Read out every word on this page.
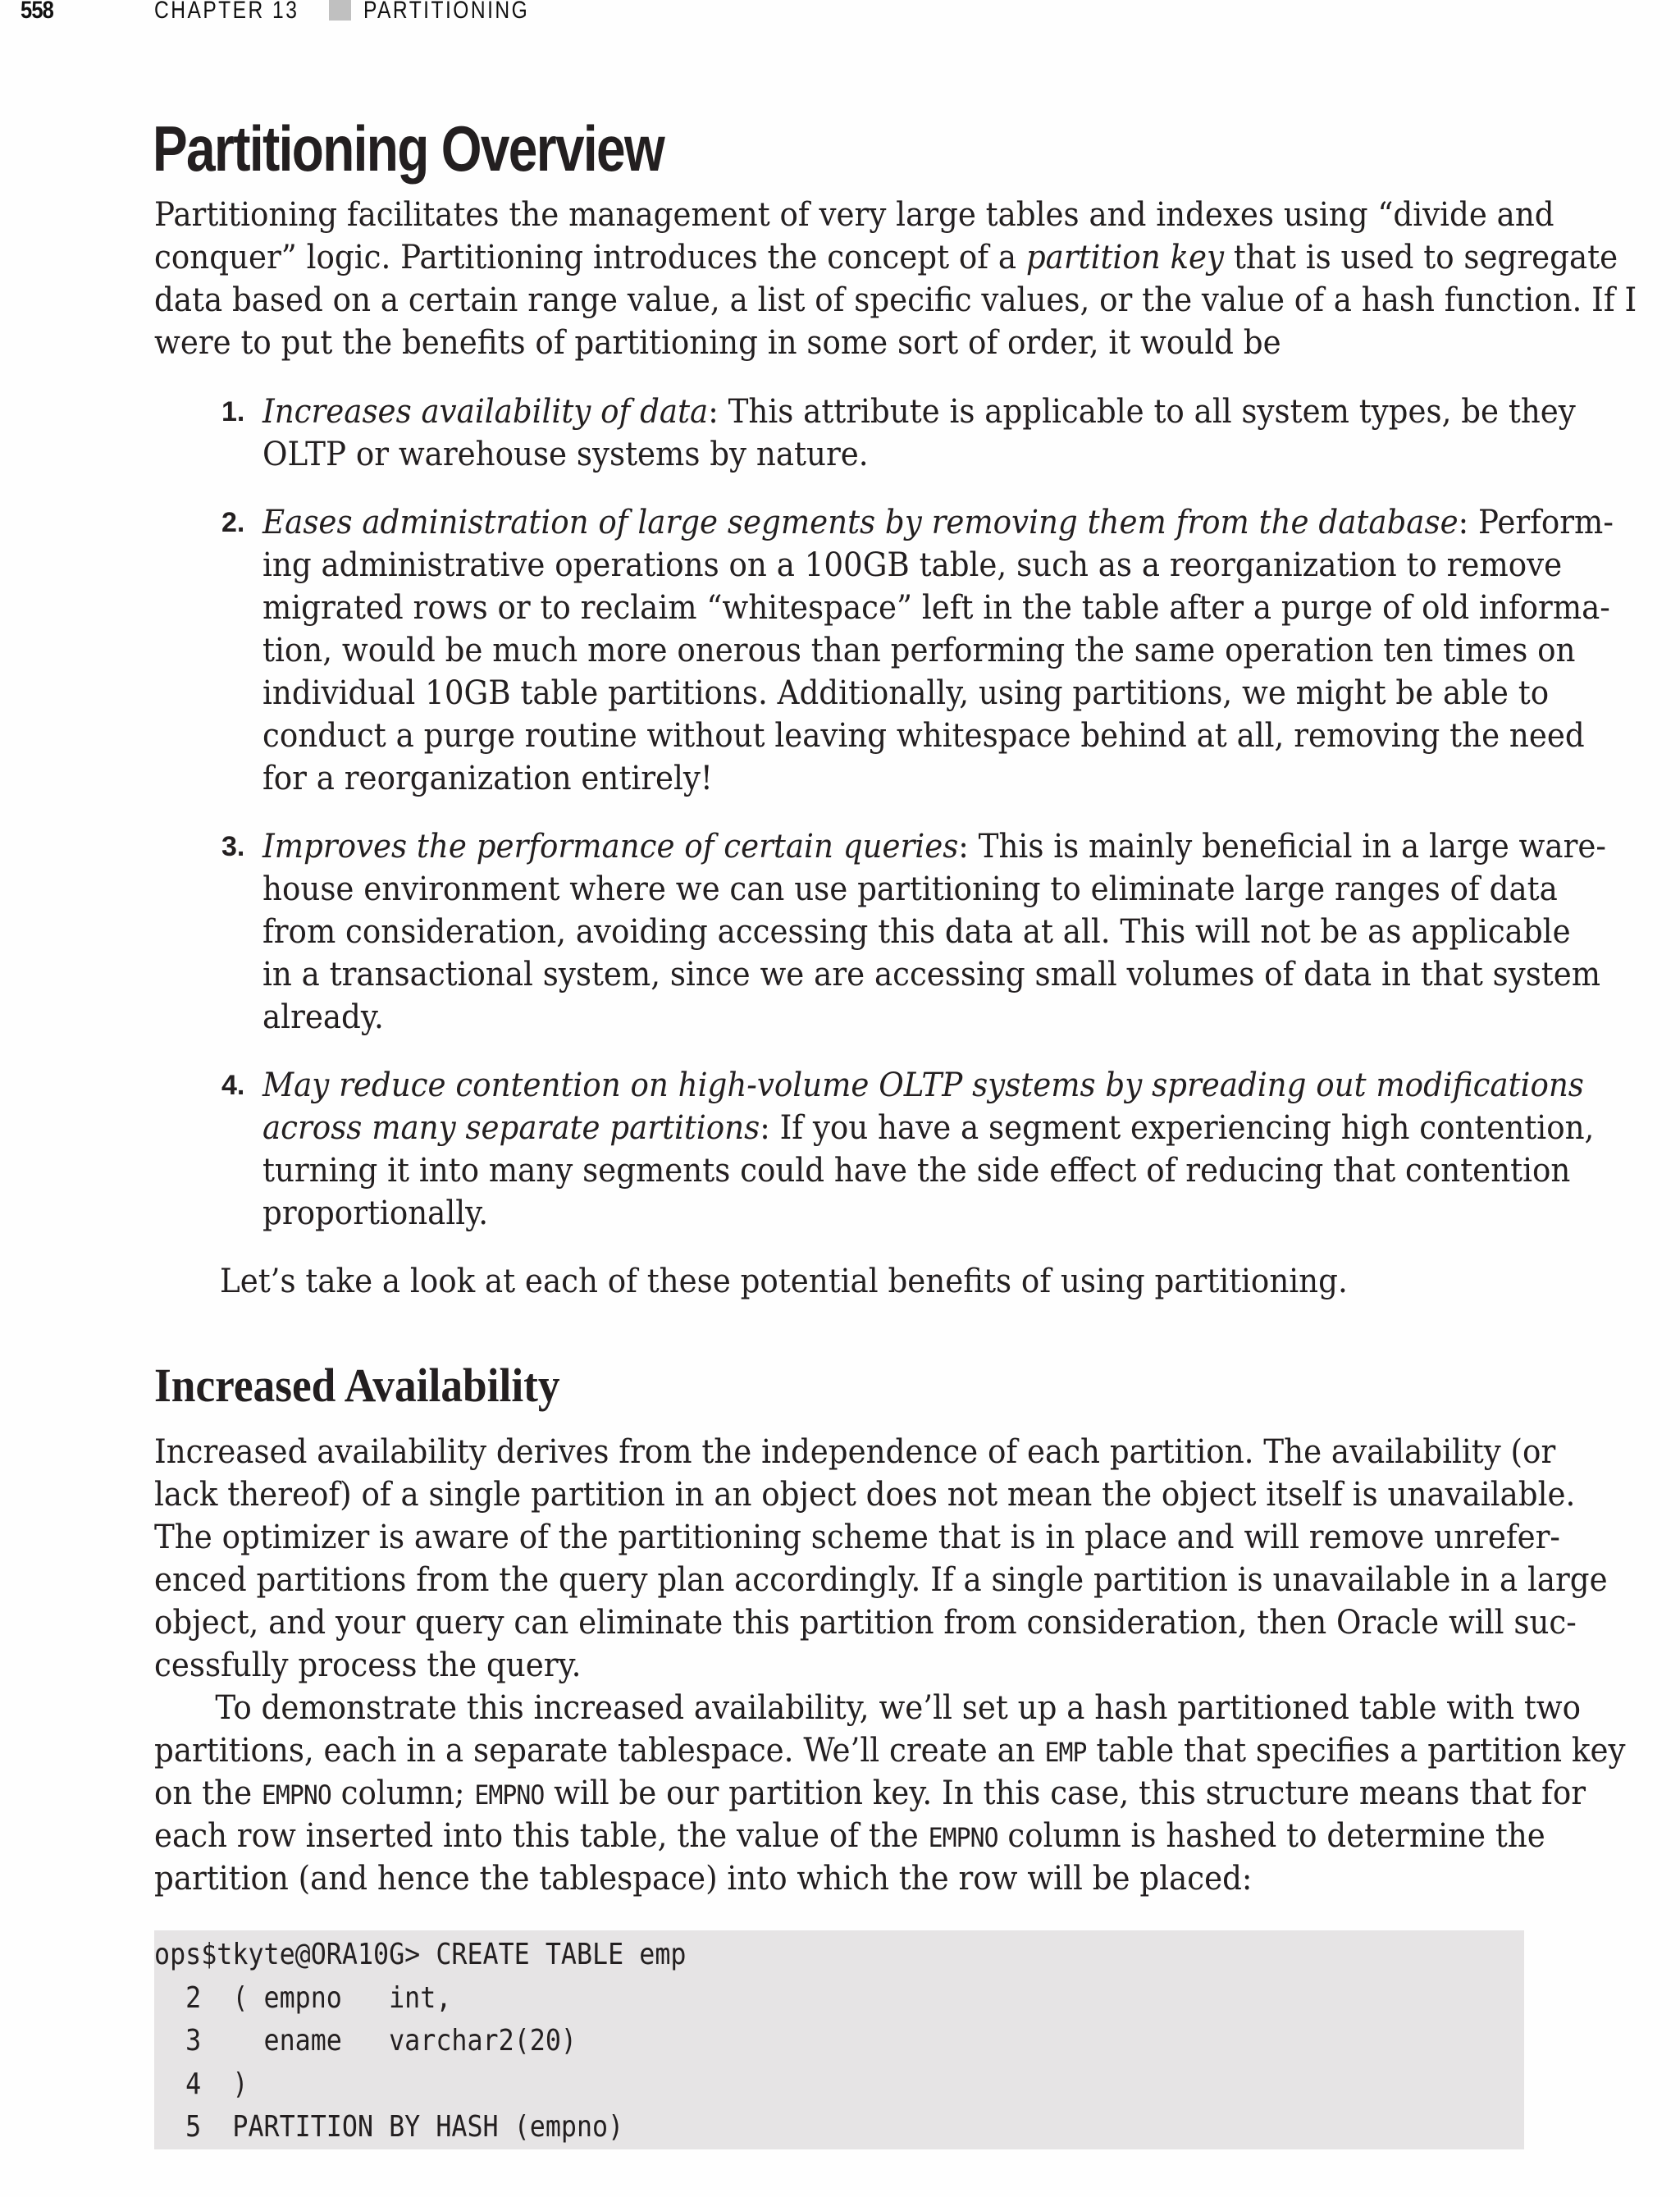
558	CHAPTER 13	PARTITIONING
Partitioning Overview
Partitioning facilitates the management of very large tables and indexes using “divide and
conquer” logic. Partitioning introduces the concept of a partition key that is used to segregate
data based on a certain range value, a list of specific values, or the value of a hash function. If I
were to put the benefits of partitioning in some sort of order, it would be
1. Increases availability of data: This attribute is applicable to all system types, be they
OLTP or warehouse systems by nature.
2. Eases administration of large segments by removing them from the database: Perform-
ing administrative operations on a 100GB table, such as a reorganization to remove
migrated rows or to reclaim “whitespace” left in the table after a purge of old informa-
tion, would be much more onerous than performing the same operation ten times on
individual 10GB table partitions. Additionally, using partitions, we might be able to
conduct a purge routine without leaving whitespace behind at all, removing the need
for a reorganization entirely!
3. Improves the performance of certain queries: This is mainly beneficial in a large ware-
house environment where we can use partitioning to eliminate large ranges of data
from consideration, avoiding accessing this data at all. This will not be as applicable
in a transactional system, since we are accessing small volumes of data in that system
already.
4. May reduce contention on high-volume OLTP systems by spreading out modifications
across many separate partitions: If you have a segment experiencing high contention,
turning it into many segments could have the side effect of reducing that contention
proportionally.
Let’s take a look at each of these potential benefits of using partitioning.
Increased Availability
Increased availability derives from the independence of each partition. The availability (or
lack thereof) of a single partition in an object does not mean the object itself is unavailable.
The optimizer is aware of the partitioning scheme that is in place and will remove unrefer-
enced partitions from the query plan accordingly. If a single partition is unavailable in a large
object, and your query can eliminate this partition from consideration, then Oracle will suc-
cessfully process the query.
To demonstrate this increased availability, we’ll set up a hash partitioned table with two
partitions, each in a separate tablespace. We’ll create an EMP table that specifies a partition key
on the EMPNO column; EMPNO will be our partition key. In this case, this structure means that for
each row inserted into this table, the value of the EMPNO column is hashed to determine the
partition (and hence the tablespace) into which the row will be placed:
ops$tkyte@ORA10G> CREATE TABLE emp
2  ( empno   int,
3    ename   varchar2(20)
4  )
5  PARTITION BY HASH (empno)
